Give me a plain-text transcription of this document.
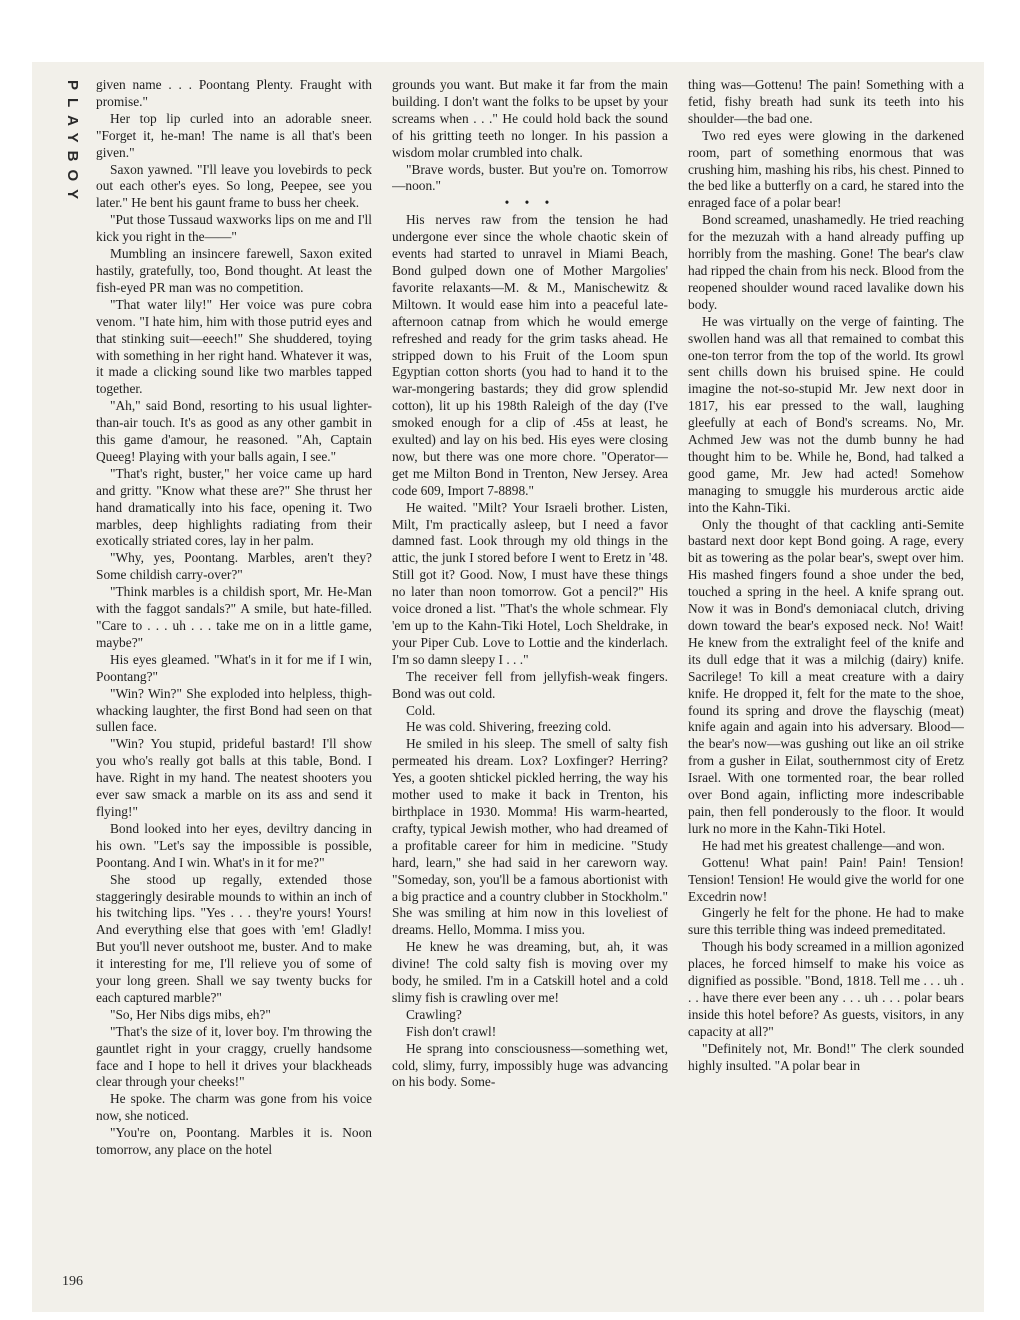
PLAYBOY
196

given name . . . Poontang Plenty. Fraught with promise."

Her top lip curled into an adorable sneer. "Forget it, he-man! The name is all that's been given."

Saxon yawned. "I'll leave you lovebirds to peck out each other's eyes. So long, Peepee, see you later." He bent his gaunt frame to buss her cheek.

"Put those Tussaud waxworks lips on me and I'll kick you right in the——"

Mumbling an insincere farewell, Saxon exited hastily, gratefully, too, Bond thought. At least the fish-eyed PR man was no competition.

"That water lily!" Her voice was pure cobra venom. "I hate him, him with those putrid eyes and that stinking suit—eeech!" She shuddered, toying with something in her right hand. Whatever it was, it made a clicking sound like two marbles tapped together.

"Ah," said Bond, resorting to his usual lighter-than-air touch. It's as good as any other gambit in this game d'amour, he reasoned. "Ah, Captain Queeg! Playing with your balls again, I see."

"That's right, buster," her voice came up hard and gritty. "Know what these are?" She thrust her hand dramatically into his face, opening it. Two marbles, deep highlights radiating from their exotically striated cores, lay in her palm.

"Why, yes, Poontang. Marbles, aren't they? Some childish carry-over?"

"Think marbles is a childish sport, Mr. He-Man with the faggot sandals?" A smile, but hate-filled. "Care to . . . uh . . . take me on in a little game, maybe?"

His eyes gleamed. "What's in it for me if I win, Poontang?"

"Win? Win?" She exploded into helpless, thigh-whacking laughter, the first Bond had seen on that sullen face.

"Win? You stupid, prideful bastard! I'll show you who's really got balls at this table, Bond. I have. Right in my hand. The neatest shooters you ever saw smack a marble on its ass and send it flying!"

Bond looked into her eyes, deviltry dancing in his own. "Let's say the impossible is possible, Poontang. And I win. What's in it for me?"

She stood up regally, extended those staggeringly desirable mounds to within an inch of his twitching lips. "Yes . . . they're yours! Yours! And everything else that goes with 'em! Gladly! But you'll never outshoot me, buster. And to make it interesting for me, I'll relieve you of some of your long green. Shall we say twenty bucks for each captured marble?"

"So, Her Nibs digs mibs, eh?"

"That's the size of it, lover boy. I'm throwing the gauntlet right in your craggy, cruelly handsome face and I hope to hell it drives your blackheads clear through your cheeks!"

He spoke. The charm was gone from his voice now, she noticed.

"You're on, Poontang. Marbles it is. Noon tomorrow, any place on the hotel

grounds you want. But make it far from the main building. I don't want the folks to be upset by your screams when . . ." He could hold back the sound of his gritting teeth no longer. In his passion a wisdom molar crumbled into chalk.

"Brave words, buster. But you're on. Tomorrow—noon."

• • •

His nerves raw from the tension he had undergone ever since the whole chaotic skein of events had started to unravel in Miami Beach, Bond gulped down one of Mother Margolies' favorite relaxants—M. & M., Manischewitz & Miltown. It would ease him into a peaceful late-afternoon catnap from which he would emerge refreshed and ready for the grim tasks ahead. He stripped down to his Fruit of the Loom spun Egyptian cotton shorts (you had to hand it to the war-mongering bastards; they did grow splendid cotton), lit up his 198th Raleigh of the day (I've smoked enough for a clip of .45s at least, he exulted) and lay on his bed. His eyes were closing now, but there was one more chore. "Operator—get me Milton Bond in Trenton, New Jersey. Area code 609, Import 7-8898."

He waited. "Milt? Your Israeli brother. Listen, Milt, I'm practically asleep, but I need a favor damned fast. Look through my old things in the attic, the junk I stored before I went to Eretz in '48. Still got it? Good. Now, I must have these things no later than noon tomorrow. Got a pencil?" His voice droned a list. "That's the whole schmear. Fly 'em up to the Kahn-Tiki Hotel, Loch Sheldrake, in your Piper Cub. Love to Lottie and the kinderlach. I'm so damn sleepy I . . ."

The receiver fell from jellyfish-weak fingers. Bond was out cold.

Cold.

He was cold. Shivering, freezing cold.

He smiled in his sleep. The smell of salty fish permeated his dream. Lox? Loxfinger? Herring? Yes, a gooten shtickel pickled herring, the way his mother used to make it back in Trenton, his birthplace in 1930. Momma! His warm-hearted, crafty, typical Jewish mother, who had dreamed of a profitable career for him in medicine. "Study hard, learn," she had said in her careworn way. "Someday, son, you'll be a famous abortionist with a big practice and a country clubber in Stockholm." She was smiling at him now in this loveliest of dreams. Hello, Momma. I miss you.

He knew he was dreaming, but, ah, it was divine! The cold salty fish is moving over my body, he smiled. I'm in a Catskill hotel and a cold slimy fish is crawling over me!

Crawling?

Fish don't crawl!

He sprang into consciousness—something wet, cold, slimy, furry, impossibly huge was advancing on his body. Some-

thing was—Gottenu! The pain! Something with a fetid, fishy breath had sunk its teeth into his shoulder—the bad one.

Two red eyes were glowing in the darkened room, part of something enormous that was crushing him, mashing his ribs, his chest. Pinned to the bed like a butterfly on a card, he stared into the enraged face of a polar bear!

Bond screamed, unashamedly. He tried reaching for the mezuzah with a hand already puffing up horribly from the mashing. Gone! The bear's claw had ripped the chain from his neck. Blood from the reopened shoulder wound raced lavalike down his body.

He was virtually on the verge of fainting. The swollen hand was all that remained to combat this one-ton terror from the top of the world. Its growl sent chills down his bruised spine. He could imagine the not-so-stupid Mr. Jew next door in 1817, his ear pressed to the wall, laughing gleefully at each of Bond's screams. No, Mr. Achmed Jew was not the dumb bunny he had thought him to be. While he, Bond, had talked a good game, Mr. Jew had acted! Somehow managing to smuggle his murderous arctic aide into the Kahn-Tiki.

Only the thought of that cackling anti-Semite bastard next door kept Bond going. A rage, every bit as towering as the polar bear's, swept over him. His mashed fingers found a shoe under the bed, touched a spring in the heel. A knife sprang out. Now it was in Bond's demoniacal clutch, driving down toward the bear's exposed neck. No! Wait! He knew from the extralight feel of the knife and its dull edge that it was a milchig (dairy) knife. Sacrilege! To kill a meat creature with a dairy knife. He dropped it, felt for the mate to the shoe, found its spring and drove the flayschig (meat) knife again and again into his adversary. Blood—the bear's now—was gushing out like an oil strike from a gusher in Eilat, southernmost city of Eretz Israel. With one tormented roar, the bear rolled over Bond again, inflicting more indescribable pain, then fell ponderously to the floor. It would lurk no more in the Kahn-Tiki Hotel.

He had met his greatest challenge—and won.

Gottenu! What pain! Pain! Pain! Tension! Tension! Tension! He would give the world for one Excedrin now!

Gingerly he felt for the phone. He had to make sure this terrible thing was indeed premeditated.

Though his body screamed in a million agonized places, he forced himself to make his voice as dignified as possible. "Bond, 1818. Tell me . . . uh . . . have there ever been any . . . uh . . . polar bears inside this hotel before? As guests, visitors, in any capacity at all?"

"Definitely not, Mr. Bond!" The clerk sounded highly insulted. "A polar bear in
